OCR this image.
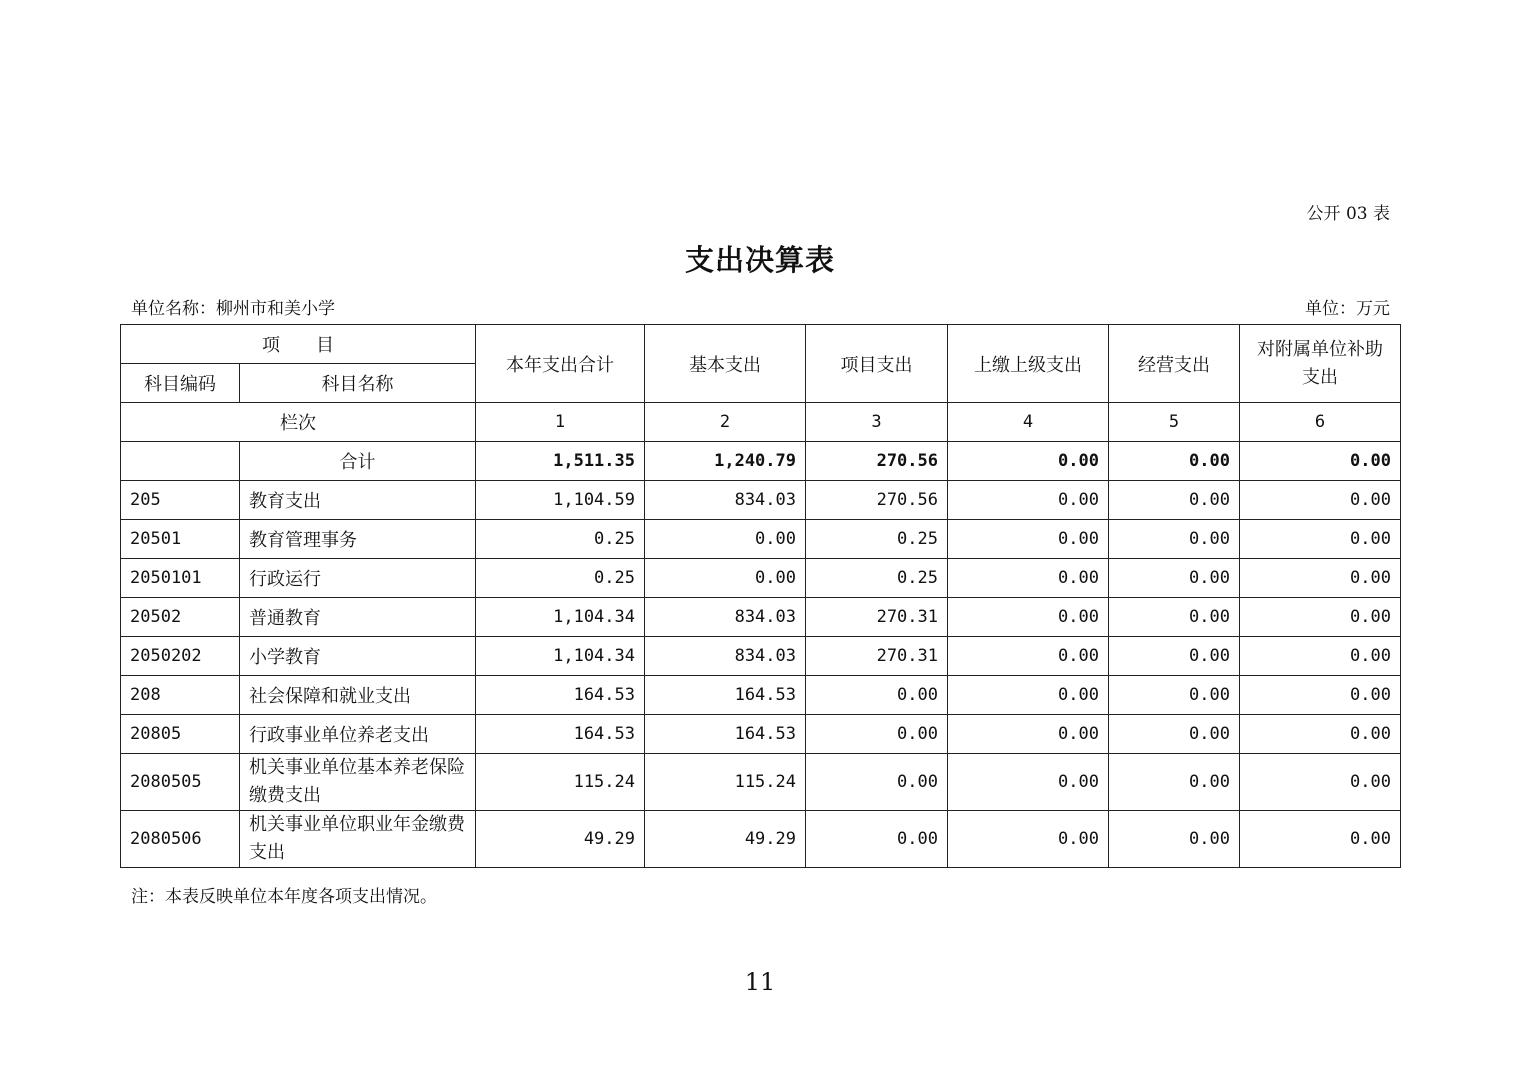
公开 03 表
支出决算表
单位名称：柳州市和美小学	单位：万元
项　　目		本年支出合计	基本支出	项目支出	上缴上级支出	经营支出	对附属单位补助支出
科目编码	科目名称						
栏次		1	2	3	4	5	6
	合计	1,511.35	1,240.79	270.56	0.00	0.00	0.00
205	教育支出	1,104.59	834.03	270.56	0.00	0.00	0.00
20501	教育管理事务	0.25	0.00	0.25	0.00	0.00	0.00
2050101	行政运行	0.25	0.00	0.25	0.00	0.00	0.00
20502	普通教育	1,104.34	834.03	270.31	0.00	0.00	0.00
2050202	小学教育	1,104.34	834.03	270.31	0.00	0.00	0.00
208	社会保障和就业支出	164.53	164.53	0.00	0.00	0.00	0.00
20805	行政事业单位养老支出	164.53	164.53	0.00	0.00	0.00	0.00
2080505	机关事业单位基本养老保险缴费支出	115.24	115.24	0.00	0.00	0.00	0.00
2080506	机关事业单位职业年金缴费支出	49.29	49.29	0.00	0.00	0.00	0.00
注：本表反映单位本年度各项支出情况。
11
